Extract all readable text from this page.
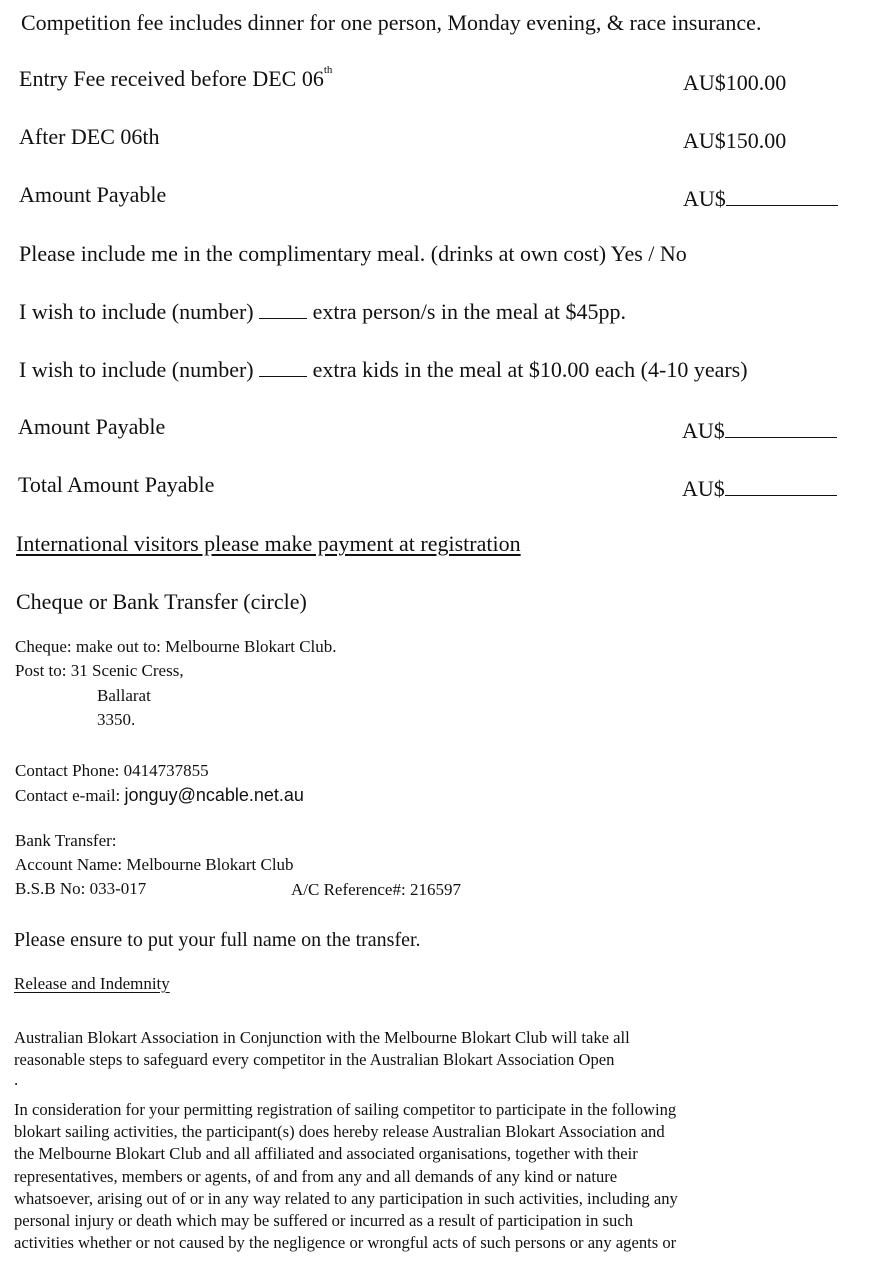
Competition fee includes dinner for one person, Monday evening, & race insurance.
Entry Fee received before DEC 06th	AU$100.00
After DEC 06th	AU$150.00
Amount Payable	AU$
Please include me in the complimentary meal. (drinks at own cost) Yes / No
I wish to include (number)	extra person/s in the meal at $45pp.
I wish to include (number)	extra kids in the meal at $10.00 each (4-10 years)
Amount Payable	AU$
Total Amount Payable	AU$
International visitors please make payment at registration
Cheque or Bank Transfer (circle)
Cheque: make out to: Melbourne Blokart Club.
Post to: 31 Scenic Cress,
Ballarat
3350.
Contact Phone: 0414737855
Contact e-mail: jonguy@ncable.net.au
Bank Transfer:
Account Name: Melbourne Blokart Club
B.S.B No: 033-017	A/C Reference#: 216597
Please ensure to put your full name on the transfer.
Release and Indemnity
Australian Blokart Association in Conjunction with the Melbourne Blokart Club will take all
reasonable steps to safeguard every competitor in the Australian Blokart Association Open
.
In consideration for your permitting registration of sailing competitor to participate in the following
blokart sailing activities, the participant(s) does hereby release Australian Blokart Association and
the Melbourne Blokart Club and all affiliated and associated organisations, together with their
representatives, members or agents, of and from any and all demands of any kind or nature
whatsoever, arising out of or in any way related to any participation in such activities, including any
personal injury or death which may be suffered or incurred as a result of participation in such
activities whether or not caused by the negligence or wrongful acts of such persons or any agents or
